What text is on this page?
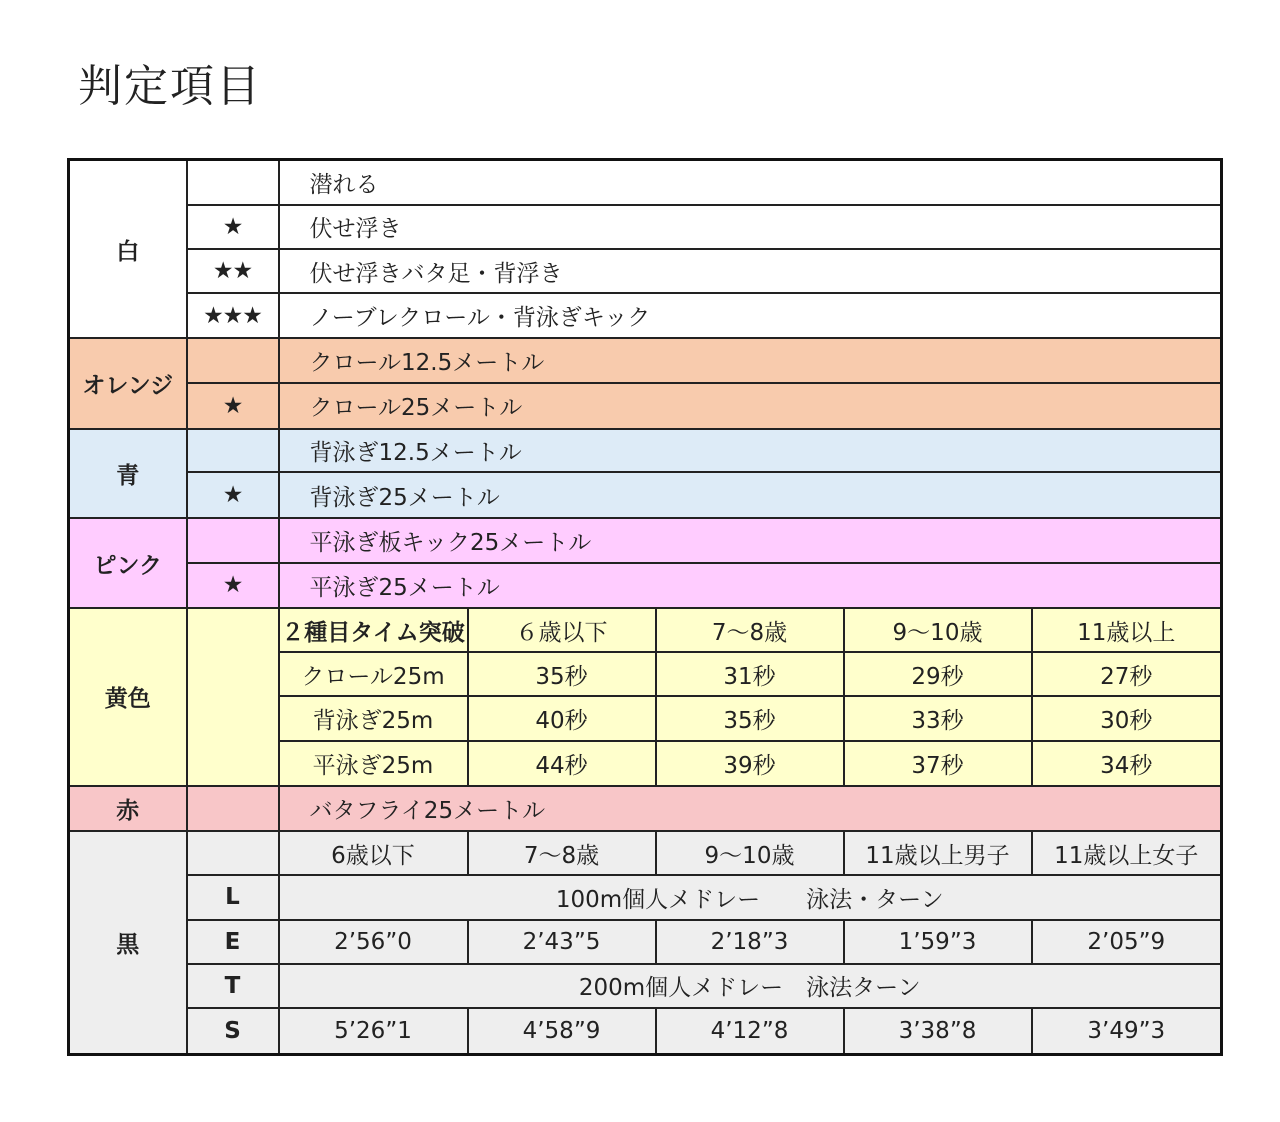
判定項目
白		潜れる				
	★	伏せ浮き				
	★★	伏せ浮きバタ足・背浮き				
	★★★	ノーブレクロール・背泳ぎキック				
オレンジ		クロール12.5メートル				
	★	クロール25メートル				
青		背泳ぎ12.5メートル				
	★	背泳ぎ25メートル				
ピンク		平泳ぎ板キック25メートル				
	★	平泳ぎ25メートル				
黄色		２種目タイム突破	６歳以下	7～8歳	9～10歳	11歳以上
		クロール25m	35秒	31秒	29秒	27秒
		背泳ぎ25m	40秒	35秒	33秒	30秒
		平泳ぎ25m	44秒	39秒	37秒	34秒
赤		バタフライ25メートル				
黒		6歳以下	7～8歳	9～10歳	11歳以上男子	11歳以上女子
	L	100m個人メドレー　　泳法・ターン				
	E	2’56”0	2’43”5	2’18”3	1’59”3	2’05”9
	T	200m個人メドレー　泳法ターン				
	S	5’26”1	4’58”9	4’12”8	3’38”8	3’49”3
